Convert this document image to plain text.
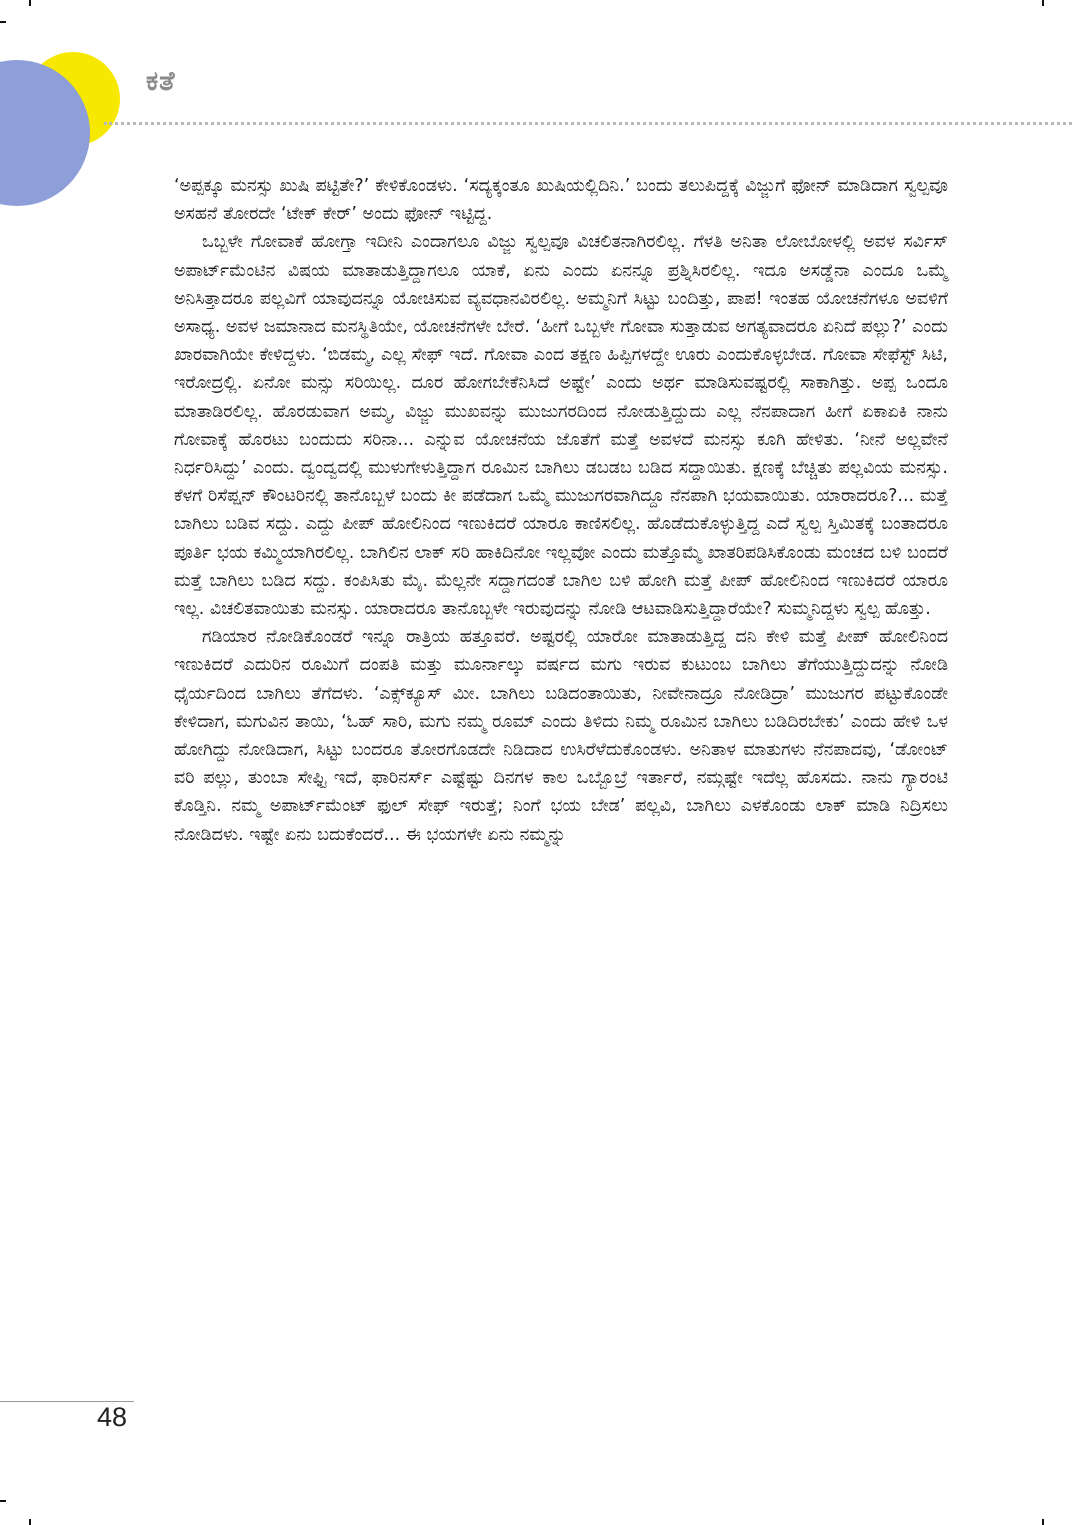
ಕತೆ

‘ಅಪ್ಪಕ್ಕೂ ಮನಸ್ಸು ಖುಷಿ ಪಟ್ಟಿತೇ?’ ಕೇಳಿಕೊಂಡಳು. ‘ಸದ್ಯಕ್ಕಂತೂ ಖುಷಿಯಲ್ಲಿದಿನಿ.’ ಬಂದು ತಲುಪಿದ್ದಕ್ಕೆ ವಿಜ್ಜುಗೆ ಫೋನ್ ಮಾಡಿದಾಗ ಸ್ವಲ್ಪವೂ ಅಸಹನೆ ತೋರದೇ ‘ಟೇಕ್ ಕೇರ್’ ಅಂದು ಫೋನ್ ಇಟ್ಟಿದ್ದ.

ಒಬ್ಬಳೇ ಗೋವಾಕೆ ಹೋಗ್ತಾ ಇದೀನಿ ಎಂದಾಗಲೂ ವಿಜ್ಜು ಸ್ವಲ್ಪವೂ ವಿಚಲಿತನಾಗಿರಲಿಲ್ಲ. ಗೆಳತಿ ಅನಿತಾ ಲೋಬೋಳಲ್ಲಿ ಅವಳ ಸರ್ವಿಸ್ ಅಪಾರ್ಟ್‌ಮೆಂಟಿನ ವಿಷಯ ಮಾತಾಡುತ್ತಿದ್ದಾಗಲೂ ಯಾಕೆ, ಏನು ಎಂದು ಏನನ್ನೂ ಪ್ರಶ್ನಿಸಿರಲಿಲ್ಲ. ಇದೂ ಅಸಡ್ಡೆನಾ ಎಂದೂ ಒಮ್ಮೆ ಅನಿಸಿತ್ತಾದರೂ ಪಲ್ಲವಿಗೆ ಯಾವುದನ್ನೂ ಯೋಚಿಸುವ ವ್ಯವಧಾನವಿರಲಿಲ್ಲ. ಅಮ್ಮನಿಗೆ ಸಿಟ್ಟು ಬಂದಿತ್ತು, ಪಾಪ! ಇಂತಹ ಯೋಚನೆಗಳೂ ಅವಳಿಗೆ ಅಸಾಧ್ಯ. ಅವಳ ಜಮಾನಾದ ಮನಸ್ಥಿತಿಯೇ, ಯೋಚನೆಗಳೇ ಬೇರೆ. ‘ಹೀಗೆ ಒಬ್ಬಳೇ ಗೋವಾ ಸುತ್ತಾಡುವ ಅಗತ್ಯವಾದರೂ ಏನಿದೆ ಪಲ್ಲು?’ ಎಂದು ಖಾರವಾಗಿಯೇ ಕೇಳಿದ್ದಳು. ‘ಬಿಡಮ್ಮ, ಎಲ್ಲ ಸೇಫ್ ಇದೆ. ಗೋವಾ ಎಂದ ತಕ್ಷಣ ಹಿಪ್ಪಿಗಳದ್ದೇ ಊರು ಎಂದುಕೊಳ್ಳಬೇಡ. ಗೋವಾ ಸೇಫೆಸ್ಟ್ ಸಿಟಿ, ಇರೋದ್ರಲ್ಲಿ. ಏನೋ ಮನ್ಸು ಸರಿಯಿಲ್ಲ. ದೂರ ಹೋಗಬೇಕೆನಿಸಿದೆ ಅಷ್ಟೇ’ ಎಂದು ಅರ್ಥ ಮಾಡಿಸುವಷ್ಟರಲ್ಲಿ ಸಾಕಾಗಿತ್ತು. ಅಪ್ಪ ಒಂದೂ ಮಾತಾಡಿರಲಿಲ್ಲ. ಹೊರಡುವಾಗ ಅಮ್ಮ, ವಿಜ್ಜು ಮುಖವನ್ನು ಮುಜುಗರದಿಂದ ನೋಡುತ್ತಿದ್ದುದು ಎಲ್ಲ ನೆನಪಾದಾಗ ಹೀಗೆ ಏಕಾಏಕಿ ನಾನು ಗೋವಾಕ್ಕೆ ಹೊರಟು ಬಂದುದು ಸರಿನಾ... ಎನ್ನುವ ಯೋಚನೆಯ ಜೊತೆಗೆ ಮತ್ತೆ ಅವಳದೆ ಮನಸ್ಸು ಕೂಗಿ ಹೇಳಿತು. ‘ನೀನೆ ಅಲ್ಲವೇನೆ ನಿರ್ಧರಿಸಿದ್ದು’ ಎಂದು. ದ್ವಂದ್ವದಲ್ಲಿ ಮುಳುಗೇಳುತ್ತಿದ್ದಾಗ ರೂಮಿನ ಬಾಗಿಲು ಡಬಡಬ ಬಡಿದ ಸದ್ದಾಯಿತು. ಕ್ಷಣಕ್ಕೆ ಬೆಚ್ಚಿತು ಪಲ್ಲವಿಯ ಮನಸ್ಸು. ಕೆಳಗೆ ರಿಸೆಪ್ಷನ್ ಕೌಂಟರಿನಲ್ಲಿ ತಾನೊಬ್ಬಳೆ ಬಂದು ಕೀ ಪಡೆದಾಗ ಒಮ್ಮೆ ಮುಜುಗರವಾಗಿದ್ದೂ ನೆನಪಾಗಿ ಭಯವಾಯಿತು. ಯಾರಾದರೂ?... ಮತ್ತೆ ಬಾಗಿಲು ಬಡಿವ ಸದ್ದು. ಎದ್ದು ಪೀಪ್ ಹೋಲಿನಿಂದ ಇಣುಕಿದರೆ ಯಾರೂ ಕಾಣಿಸಲಿಲ್ಲ. ಹೊಡೆದುಕೊಳ್ಳುತ್ತಿದ್ದ ಎದೆ ಸ್ವಲ್ಪ ಸ್ತಿಮಿತಕ್ಕೆ ಬಂತಾದರೂ ಪೂರ್ತಿ ಭಯ ಕಮ್ಮಿಯಾಗಿರಲಿಲ್ಲ. ಬಾಗಿಲಿನ ಲಾಕ್ ಸರಿ ಹಾಕಿದಿನೋ ಇಲ್ಲವೋ ಎಂದು ಮತ್ತೊಮ್ಮೆ ಖಾತರಿಪಡಿಸಿಕೊಂಡು ಮಂಚದ ಬಳಿ ಬಂದರೆ ಮತ್ತೆ ಬಾಗಿಲು ಬಡಿದ ಸದ್ದು. ಕಂಪಿಸಿತು ಮೈ. ಮೆಲ್ಲನೇ ಸದ್ದಾಗದಂತೆ ಬಾಗಿಲ ಬಳಿ ಹೋಗಿ ಮತ್ತೆ ಪೀಪ್ ಹೋಲಿನಿಂದ ಇಣುಕಿದರೆ ಯಾರೂ ಇಲ್ಲ. ವಿಚಲಿತವಾಯಿತು ಮನಸ್ಸು. ಯಾರಾದರೂ ತಾನೊಬ್ಬಳೇ ಇರುವುದನ್ನು ನೋಡಿ ಆಟವಾಡಿಸುತ್ತಿದ್ದಾರೆಯೇ? ಸುಮ್ಮನಿದ್ದಳು ಸ್ವಲ್ಪ ಹೊತ್ತು.

ಗಡಿಯಾರ ನೋಡಿಕೊಂಡರೆ ಇನ್ನೂ ರಾತ್ರಿಯ ಹತ್ತೂವರೆ. ಅಷ್ಟರಲ್ಲಿ ಯಾರೋ ಮಾತಾಡುತ್ತಿದ್ದ ದನಿ ಕೇಳಿ ಮತ್ತೆ ಪೀಪ್ ಹೋಲಿನಿಂದ ಇಣುಕಿದರೆ ಎದುರಿನ ರೂಮಿಗೆ ದಂಪತಿ ಮತ್ತು ಮೂರ್ನಾಲ್ಕು ವರ್ಷದ ಮಗು ಇರುವ ಕುಟುಂಬ ಬಾಗಿಲು ತೆಗೆಯುತ್ತಿದ್ದುದನ್ನು ನೋಡಿ ಧೈರ್ಯದಿಂದ ಬಾಗಿಲು ತೆಗೆದಳು. ‘ಎಕ್ಸ್‌ಕ್ಯೂಸ್ ಮೀ. ಬಾಗಿಲು ಬಡಿದಂತಾಯಿತು, ನೀವೇನಾದ್ರೂ ನೋಡಿದ್ರಾ’ ಮುಜುಗರ ಪಟ್ಟುಕೊಂಡೇ ಕೇಳಿದಾಗ, ಮಗುವಿನ ತಾಯಿ, ‘ಓಹ್ ಸಾರಿ, ಮಗು ನಮ್ಮ ರೂಮ್ ಎಂದು ತಿಳಿದು ನಿಮ್ಮ ರೂಮಿನ ಬಾಗಿಲು ಬಡಿದಿರಬೇಕು’ ಎಂದು ಹೇಳಿ ಒಳ ಹೋಗಿದ್ದು ನೋಡಿದಾಗ, ಸಿಟ್ಟು ಬಂದರೂ ತೋರಗೊಡದೇ ನಿಡಿದಾದ ಉಸಿರೆಳೆದುಕೊಂಡಳು. ಅನಿತಾಳ ಮಾತುಗಳು ನೆನಪಾದವು, ‘ಡೋಂಟ್ ವರಿ ಪಲ್ಲು, ತುಂಬಾ ಸೇಫ್ಟಿ ಇದೆ, ಫಾರಿನರ್ಸ್ ಎಷ್ಟೆಷ್ಟು ದಿನಗಳ ಕಾಲ ಒಬ್ಬೊಬ್ರೆ ಇರ್ತಾರೆ, ನಮ್ಗಷ್ಟೇ ಇದೆಲ್ಲ ಹೊಸದು. ನಾನು ಗ್ಯಾರಂಟಿ ಕೊಡ್ತಿನಿ. ನಮ್ಮ ಅಪಾರ್ಟ್‌ಮೆಂಟ್ ಫುಲ್ ಸೇಫ್ ಇರುತ್ತೆ; ನಿಂಗೆ ಭಯ ಬೇಡ’ ಪಲ್ಲವಿ, ಬಾಗಿಲು ಎಳಕೊಂಡು ಲಾಕ್ ಮಾಡಿ ನಿದ್ರಿಸಲು ನೋಡಿದಳು. ಇಷ್ಟೇ ಏನು ಬದುಕೆಂದರೆ... ಈ ಭಯಗಳೇ ಏನು ನಮ್ಮನ್ನು

48
